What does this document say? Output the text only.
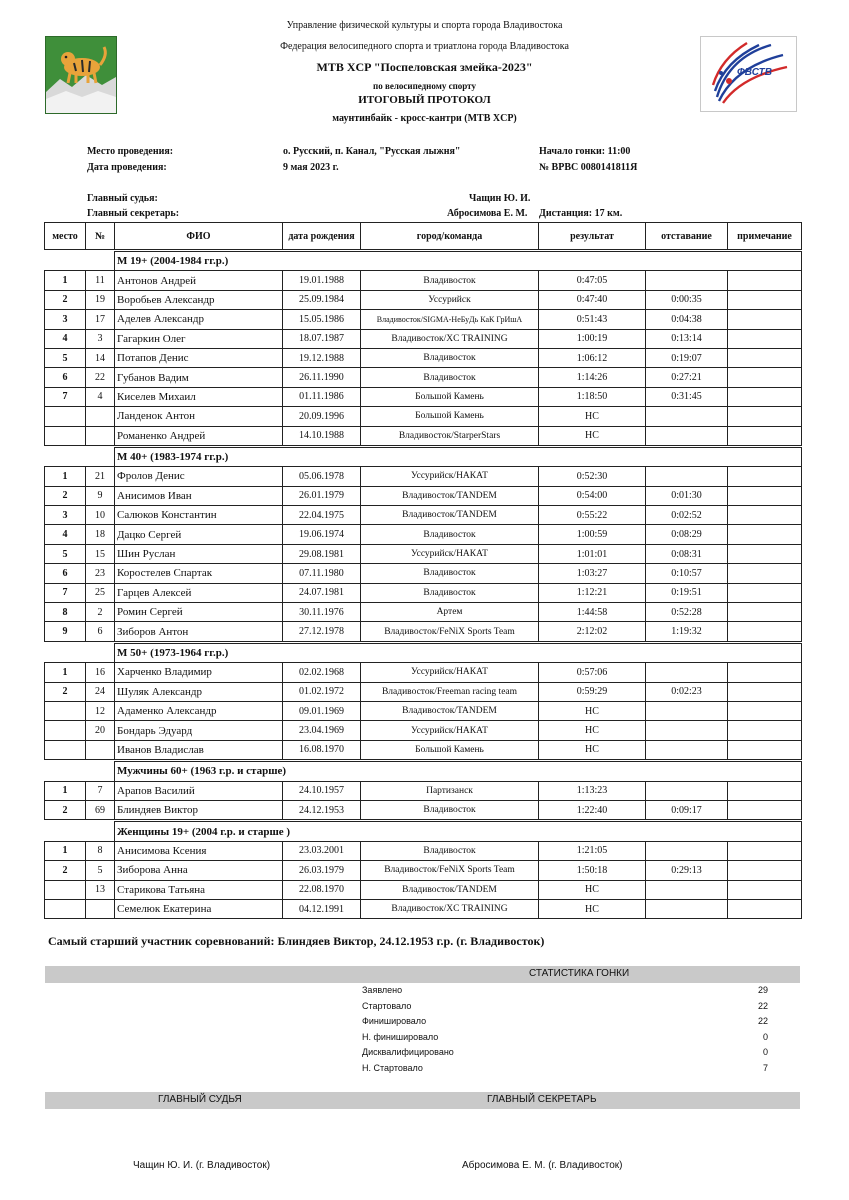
Управление физической культуры и спорта города Владивостока
Федерация велосипедного спорта и триатлона города Владивостока
МТВ XCP "Поспеловская змейка-2023"
по велосипедному спорту
ИТОГОВЫЙ ПРОТОКОЛ
маунтинбайк - кросс-кантри (МТВ XCP)
ФВСТВ
Место проведения:	о. Русский, п. Канал, "Русская лыжня"	Начало гонки: 11:00
Дата проведения:	9 мая 2023 г.	№ ВРВС 0080141811Я
Главный судья:	Чащин Ю. И.
Главный секретарь:	Абросимова Е. М. Дистанция: 17 км.
место	№	ФИО	дата рождения	город/команда	результат	отставание	примечание

		М 19+ (2004-1984 гг.р.)					
1	11	Антонов Андрей	19.01.1988	Владивосток	0:47:05		
2	19	Воробьев Александр	25.09.1984	Уссурийск	0:47:40	0:00:35	
3	17	Аделев Александр	15.05.1986	Владивосток/SIGMA-НеБуДь КаК ГрИшА	0:51:43	0:04:38	
4	3	Гагаркин Олег	18.07.1987	Владивосток/XC TRAINING	1:00:19	0:13:14	
5	14	Потапов Денис	19.12.1988	Владивосток	1:06:12	0:19:07	
6	22	Губанов Вадим	26.11.1990	Владивосток	1:14:26	0:27:21	
7	4	Киселев Михаил	01.11.1986	Большой Камень	1:18:50	0:31:45	
		Ланденок Антон	20.09.1996	Большой Камень	НС		
		Романенко Андрей	14.10.1988	Владивосток/StarperStars	НС		

		М 40+ (1983-1974 гг.р.)					
1	21	Фролов Денис	05.06.1978	Уссурийск/НАКАТ	0:52:30		
2	9	Анисимов Иван	26.01.1979	Владивосток/TANDEM	0:54:00	0:01:30	
3	10	Салюков Константин	22.04.1975	Владивосток/TANDEM	0:55:22	0:02:52	
4	18	Дацко Сергей	19.06.1974	Владивосток	1:00:59	0:08:29	
5	15	Шин Руслан	29.08.1981	Уссурийск/НАКАТ	1:01:01	0:08:31	
6	23	Коростелев Спартак	07.11.1980	Владивосток	1:03:27	0:10:57	
7	25	Гарцев Алексей	24.07.1981	Владивосток	1:12:21	0:19:51	
8	2	Ромин Сергей	30.11.1976	Артем	1:44:58	0:52:28	
9	6	Зиборов Антон	27.12.1978	Владивосток/FeNiX Sports Team	2:12:02	1:19:32	

		М 50+ (1973-1964 гг.р.)					
1	16	Харченко Владимир	02.02.1968	Уссурийск/НАКАТ	0:57:06		
2	24	Шуляк Александр	01.02.1972	Владивосток/Freeman racing team	0:59:29	0:02:23	
	12	Адаменко Александр	09.01.1969	Владивосток/TANDEM	НС		
	20	Бондарь Эдуард	23.04.1969	Уссурийск/НАКАТ	НС		
		Иванов Владислав	16.08.1970	Большой Камень	НС		

		Мужчины 60+ (1963 г.р. и старше)					
1	7	Арапов Василий	24.10.1957	Партизанск	1:13:23		
2	69	Блиндяев Виктор	24.12.1953	Владивосток	1:22:40	0:09:17	

		Женщины 19+ (2004 г.р. и старше )					
1	8	Анисимова Ксения	23.03.2001	Владивосток	1:21:05		
2	5	Зиборова Анна	26.03.1979	Владивосток/FeNiX Sports Team	1:50:18	0:29:13	
	13	Старикова Татьяна	22.08.1970	Владивосток/TANDEM	НС		
		Семелюк Екатерина	04.12.1991	Владивосток/XC TRAINING	НС		
Самый старший участник соревнований: Блиндяев Виктор, 24.12.1953 г.р. (г. Владивосток)
СТАТИСТИКА ГОНКИ
Заявлено	29
Стартовало	22
Финишировало	22
Н. финишировало	0
Дисквалифицировано	0
Н. Стартовало	7
ГЛАВНЫЙ СУДЬЯ	ГЛАВНЫЙ СЕКРЕТАРЬ
Чащин Ю. И. (г. Владивосток)	Абросимова Е. М. (г. Владивосток)
